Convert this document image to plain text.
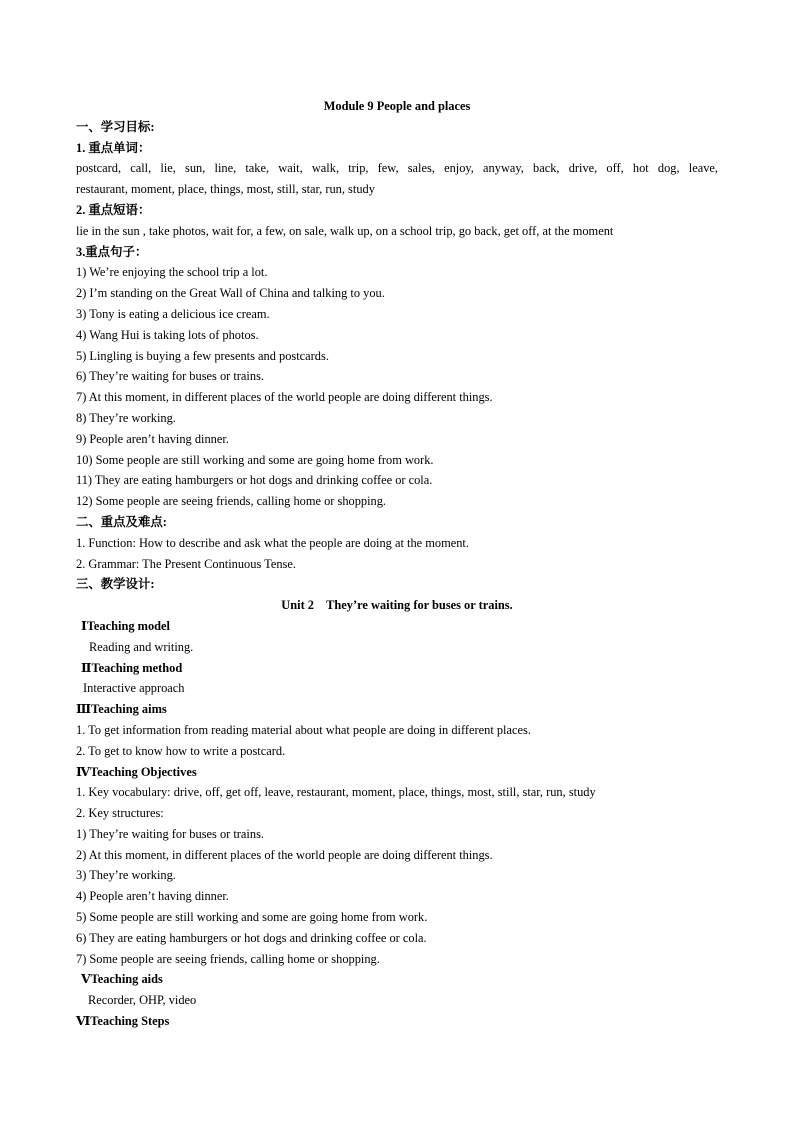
Module 9 People and places
一、学习目标:
1. 重点单词：
postcard, call, lie, sun, line, take, wait, walk, trip, few, sales, enjoy, anyway, back, drive, off, hot dog, leave,
restaurant, moment, place, things, most, still, star, run, study
2. 重点短语：
lie in the sun , take photos, wait for, a few, on sale, walk up, on a school trip, go back, get off, at the moment
3.重点句子：
1) We’re enjoying the school trip a lot.
2) I’m standing on the Great Wall of China and talking to you.
3) Tony is eating a delicious ice cream.
4) Wang Hui is taking lots of photos.
5) Lingling is buying a few presents and postcards.
6) They’re waiting for buses or trains.
7) At this moment, in different places of the world people are doing different things.
8) They’re working.
9) People aren’t having dinner.
10) Some people are still working and some are going home from work.
11) They are eating hamburgers or hot dogs and drinking coffee or cola.
12) Some people are seeing friends, calling home or shopping.
二、重点及难点:
1. Function: How to describe and ask what the people are doing at the moment.
2. Grammar: The Present Continuous Tense.
三、教学设计:
Unit 2    They’re waiting for buses or trains.
ⅠTeaching model
Reading and writing.
ⅡTeaching method
Interactive approach
ⅢTeaching aims
1. To get information from reading material about what people are doing in different places.
2. To get to know how to write a postcard.
ⅣTeaching Objectives
1. Key vocabulary: drive, off, get off, leave, restaurant, moment, place, things, most, still, star, run, study
2. Key structures:
1) They’re waiting for buses or trains.
2) At this moment, in different places of the world people are doing different things.
3) They’re working.
4) People aren’t having dinner.
5) Some people are still working and some are going home from work.
6) They are eating hamburgers or hot dogs and drinking coffee or cola.
7) Some people are seeing friends, calling home or shopping.
ⅤTeaching aids
Recorder, OHP, video
ⅥTeaching Steps
